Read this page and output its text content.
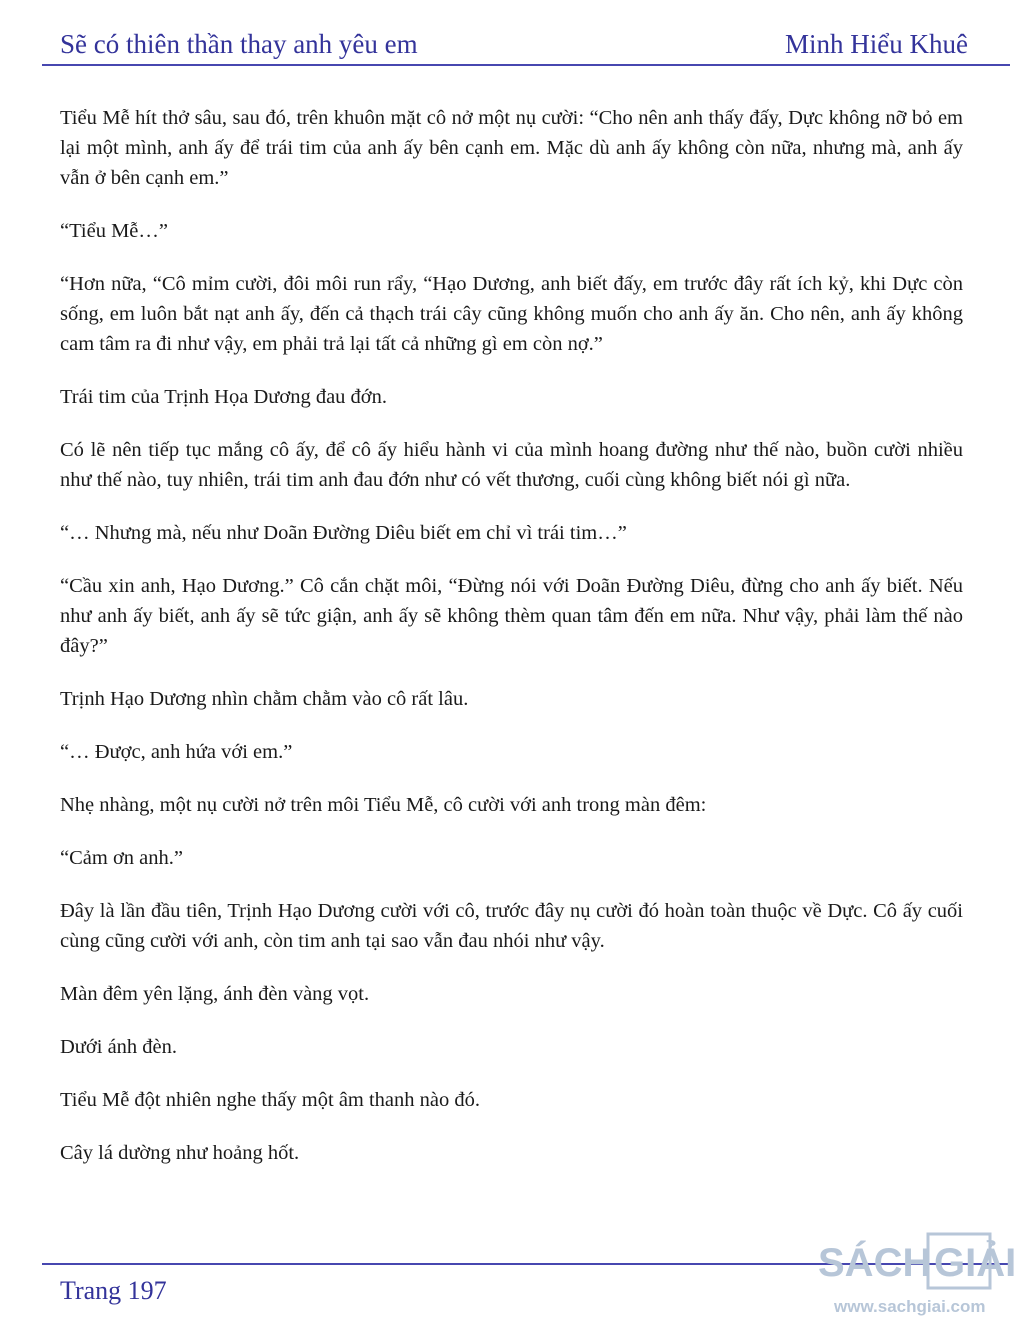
Sẽ có thiên thần thay anh yêu em	Minh Hiểu Khuê

Tiểu Mễ hít thở sâu, sau đó, trên khuôn mặt cô nở một nụ cười: “Cho nên anh thấy đấy, Dực không nỡ bỏ em lại một mình, anh ấy để trái tim của anh ấy bên cạnh em. Mặc dù anh ấy không còn nữa, nhưng mà, anh ấy vẫn ở bên cạnh em.”

“Tiểu Mễ…”

“Hơn nữa, “Cô mỉm cười, đôi môi run rẩy, “Hạo Dương, anh biết đấy, em trước đây rất ích kỷ, khi Dực còn sống, em luôn bắt nạt anh ấy, đến cả thạch trái cây cũng không muốn cho anh ấy ăn. Cho nên, anh ấy không cam tâm ra đi như vậy, em phải trả lại tất cả những gì em còn nợ.”

Trái tim của Trịnh Họa Dương đau đớn.

Có lẽ nên tiếp tục mắng cô ấy, để cô ấy hiểu hành vi của mình hoang đường như thế nào, buồn cười nhiều như thế nào, tuy nhiên, trái tim anh đau đớn như có vết thương, cuối cùng không biết nói gì nữa.

“… Nhưng mà, nếu như Doãn Đường Diêu biết em chỉ vì trái tim…”

“Cầu xin anh, Hạo Dương.” Cô cắn chặt môi, “Đừng nói với Doãn Đường Diêu, đừng cho anh ấy biết. Nếu như anh ấy biết, anh ấy sẽ tức giận, anh ấy sẽ không thèm quan tâm đến em nữa. Như vậy, phải làm thế nào đây?”

Trịnh Hạo Dương nhìn chằm chằm vào cô rất lâu.

“… Được, anh hứa với em.”

Nhẹ nhàng, một nụ cười nở trên môi Tiểu Mễ, cô cười với anh trong màn đêm:

“Cảm ơn anh.”

Đây là lần đầu tiên, Trịnh Hạo Dương cười với cô, trước đây nụ cười đó hoàn toàn thuộc về Dực. Cô ấy cuối cùng cũng cười với anh, còn tim anh tại sao vẫn đau nhói như vậy.

Màn đêm yên lặng, ánh đèn vàng vọt.

Dưới ánh đèn.

Tiểu Mễ đột nhiên nghe thấy một âm thanh nào đó.

Cây lá dường như hoảng hốt.

Trang 197
SÁCH GIẢI
www.sachgiai.com
